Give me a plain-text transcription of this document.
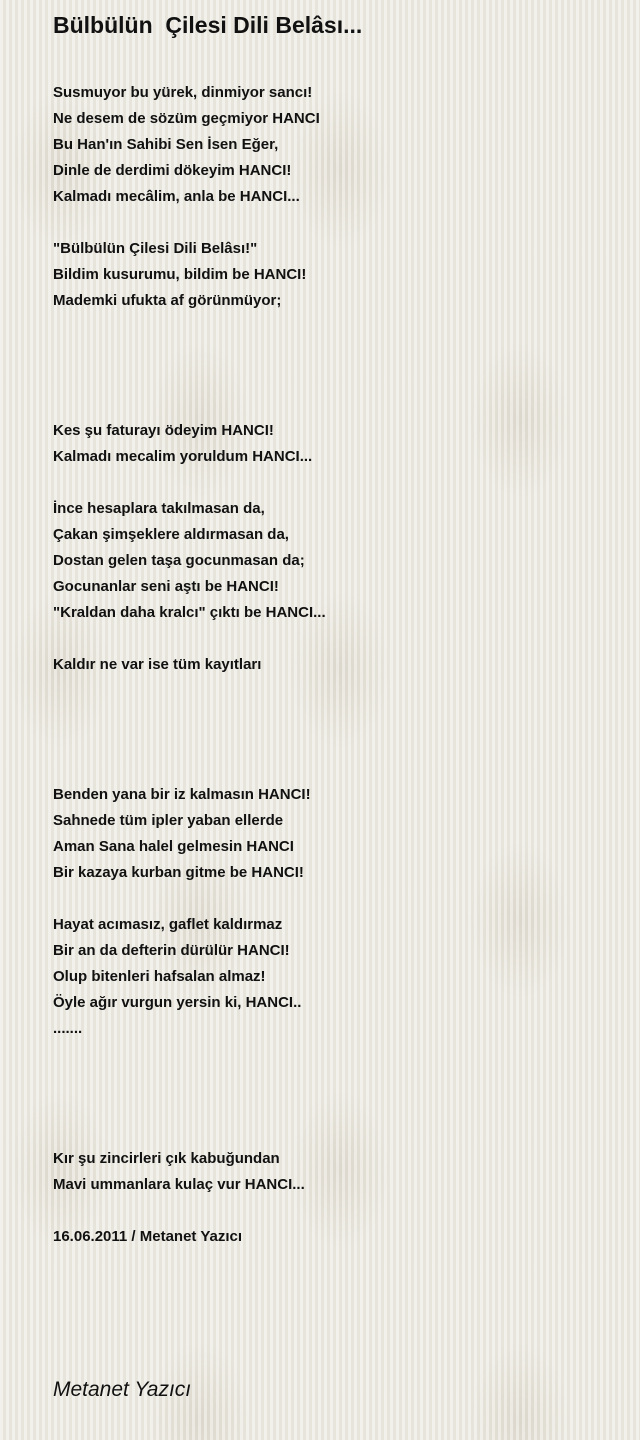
Bülbülün  Çilesi Dili Belâsı...
Susmuyor bu yürek, dinmiyor sancı!
Ne desem de sözüm geçmiyor HANCI
Bu Han'ın Sahibi Sen İsen Eğer,
Dinle de derdimi dökeyim HANCI!
Kalmadı mecâlim, anla be HANCI...
"Bülbülün Çilesi Dili Belâsı!"
Bildim kusurumu, bildim be HANCI!
Mademki ufukta af görünmüyor;
Kes şu faturayı ödeyim HANCI!
Kalmadı mecalim yoruldum HANCI...
İnce hesaplara takılmasan da,
Çakan şimşeklere aldırmasan da,
Dostan gelen taşa gocunmasan da;
Gocunanlar seni aştı be HANCI!
"Kraldan daha kralcı" çıktı be HANCI...
Kaldır ne var ise tüm kayıtları
Benden yana bir iz kalmasın HANCI!
Sahnede tüm ipler yaban ellerde
Aman Sana halel gelmesin HANCI
Bir kazaya kurban gitme be HANCI!
Hayat acımasız, gaflet kaldırmaz
Bir an da defterin dürülür HANCI!
Olup bitenleri hafsalan almaz!
Öyle ağır vurgun yersin ki, HANCI..
.......
Kır şu zincirleri çık kabuğundan
Mavi ummanlara kulaç vur HANCI...
16.06.2011 / Metanet Yazıcı
Metanet Yazıcı
